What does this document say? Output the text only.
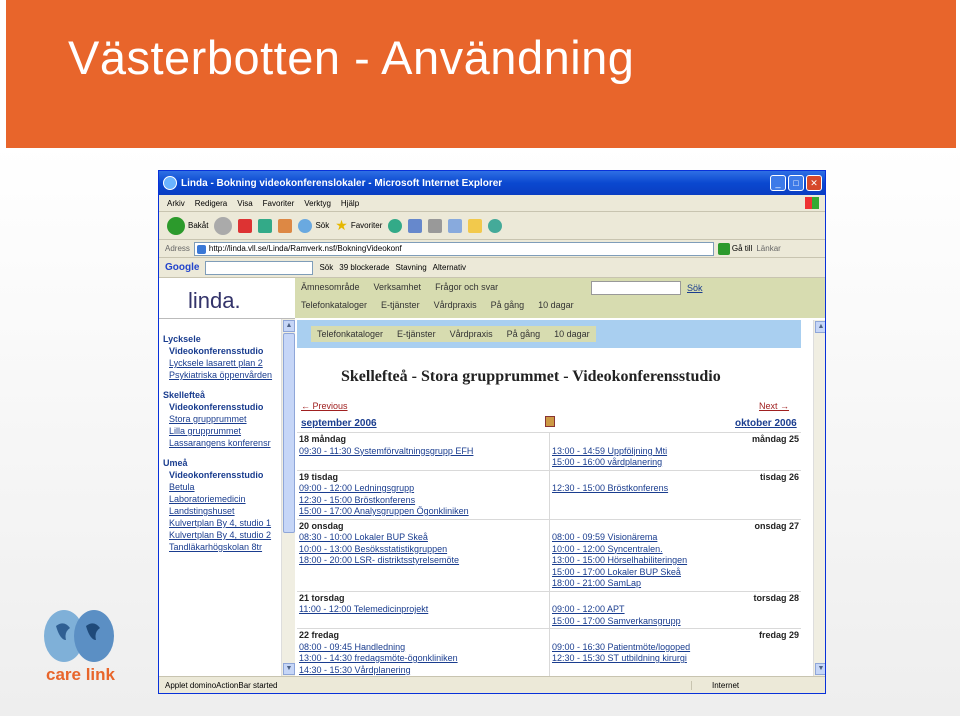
Västerbotten - Användning
Linda - Bokning videokonferenslokaler - Microsoft Internet Explorer	_	□	✕
Arkiv Redigera Visa Favoriter Verktyg Hjälp
Bakåt	Sök ★ Favoriter
Adress	http://linda.vll.se/Linda/Ramverk.nsf/BokningVideokonf	Gå till Länkar
Google	Sök 39 blockerade Stavning Alternativ
linda.
Lycksele
Videokonferensstudio
Lycksele lasarett plan 2
Psykiatriska öppenvården
Skellefteå
Videokonferensstudio
Stora grupprummet
Lilla grupprummet
Lassarangens konferensr
Umeå
Videokonferensstudio
Betula
Laboratoriemedicin
Landstingshuset
Kulvertplan By 4, studio 1
Kulvertplan By 4, studio 2
Tandläkarhögskolan 8tr
▲
▼
Ämnesområde Verksamhet Frågor och svar	Sök
Telefonkataloger E-tjänster Vårdpraxis På gång 10 dagar
Telefonkataloger E-tjänster Vårdpraxis På gång 10 dagar
Skellefteå - Stora grupprummet - Videokonferensstudio
← Previous	Next →
september 2006	oktober 2006
18 måndag
09:30 - 11:30 Systemförvaltningsgrupp EFH
måndag 25
13:00 - 14:59 Uppföljning Mti
15:00 - 16:00 vårdplanering
19 tisdag
09:00 - 12:00 Ledningsgrupp
12:30 - 15:00 Bröstkonferens
15:00 - 17:00 Analysgruppen Ögonkliniken
tisdag 26
12:30 - 15:00 Bröstkonferens
20 onsdag
08:30 - 10:00 Lokaler BUP Skeå
10:00 - 13:00 Besöksstatistikgruppen
18:00 - 20:00 LSR- distriktsstyrelsemöte
onsdag 27
08:00 - 09:59 Visionärema
10:00 - 12:00 Syncentralen.
13:00 - 15:00 Hörselhabiliteringen
15:00 - 17:00 Lokaler BUP Skeå
18:00 - 21:00 SamLap
21 torsdag
11:00 - 12:00 Telemedicinprojekt
torsdag 28
09:00 - 12:00 APT
15:00 - 17:00 Samverkansgrupp
22 fredag
08:00 - 09:45 Handledning
13:00 - 14:30 fredagsmöte-ögonkliniken
14:30 - 15:30 Vårdplanering
fredag 29
09:00 - 16:30 Patientmöte/logoped
12:30 - 15:30 ST utbildning kirurgi
▲
▼
Applet dominoActionBar started	Internet
care link
